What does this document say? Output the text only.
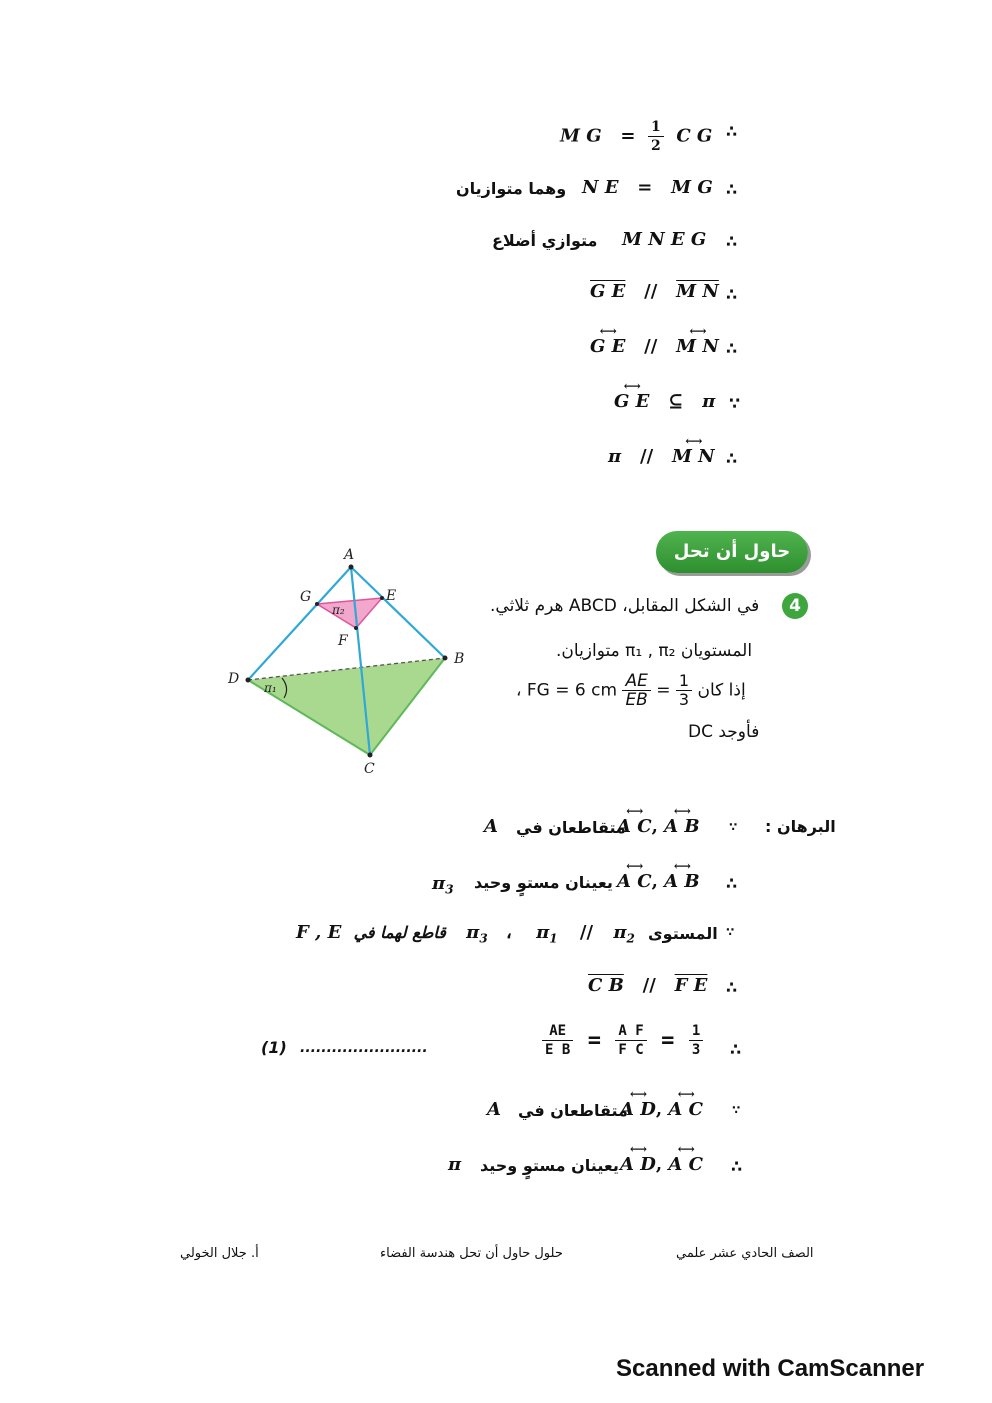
∴
M $G = \frac{1}{2}$ C G
∴
N E = M G
وهما متوازيان
∴
M N E G
متوازي أضلاع
∴
G E // M N
∴
⟷
G E //
⟷
M N
∵
⟷
G E ⊆ π
∴
π //
⟷
M N
حاول أن تحل
4
في الشكل المقابل، ABCD هرم ثلاثي.
المستويان π₁ , π₂ متوازيان.
، FG = 6 cm $\frac{AE}{EB} = \frac{1}{3}$ إذا كان
فأوجد DC
A
B
C
D
E
F
G
π₂
π₁
البرهان :
∵
⟷
A C,
⟷
A B
متقاطعان في
A
∴
⟷
A C,
⟷
A B
يعينان مستوٍ وحيد
$\pi_3$
∵
المستوى
F , E قاطع لهما في $\pi_3$ ، $\pi_1 // \pi_2$
∴
C B // F E
∴
$\frac{AE}{\text{E B}} = \frac{\text{A F}}{\text{F C}} = \frac{1}{3}$
........................
(1)
∵
⟷
A D,
⟷
A C
متقاطعان في
A
∴
⟷
A D,
⟷
A C
يعينان مستوٍ وحيد
π
الصف الحادي عشر علمي
حلول حاول أن تحل هندسة الفضاء
أ. جلال الخولي
Scanned with CamScanner
